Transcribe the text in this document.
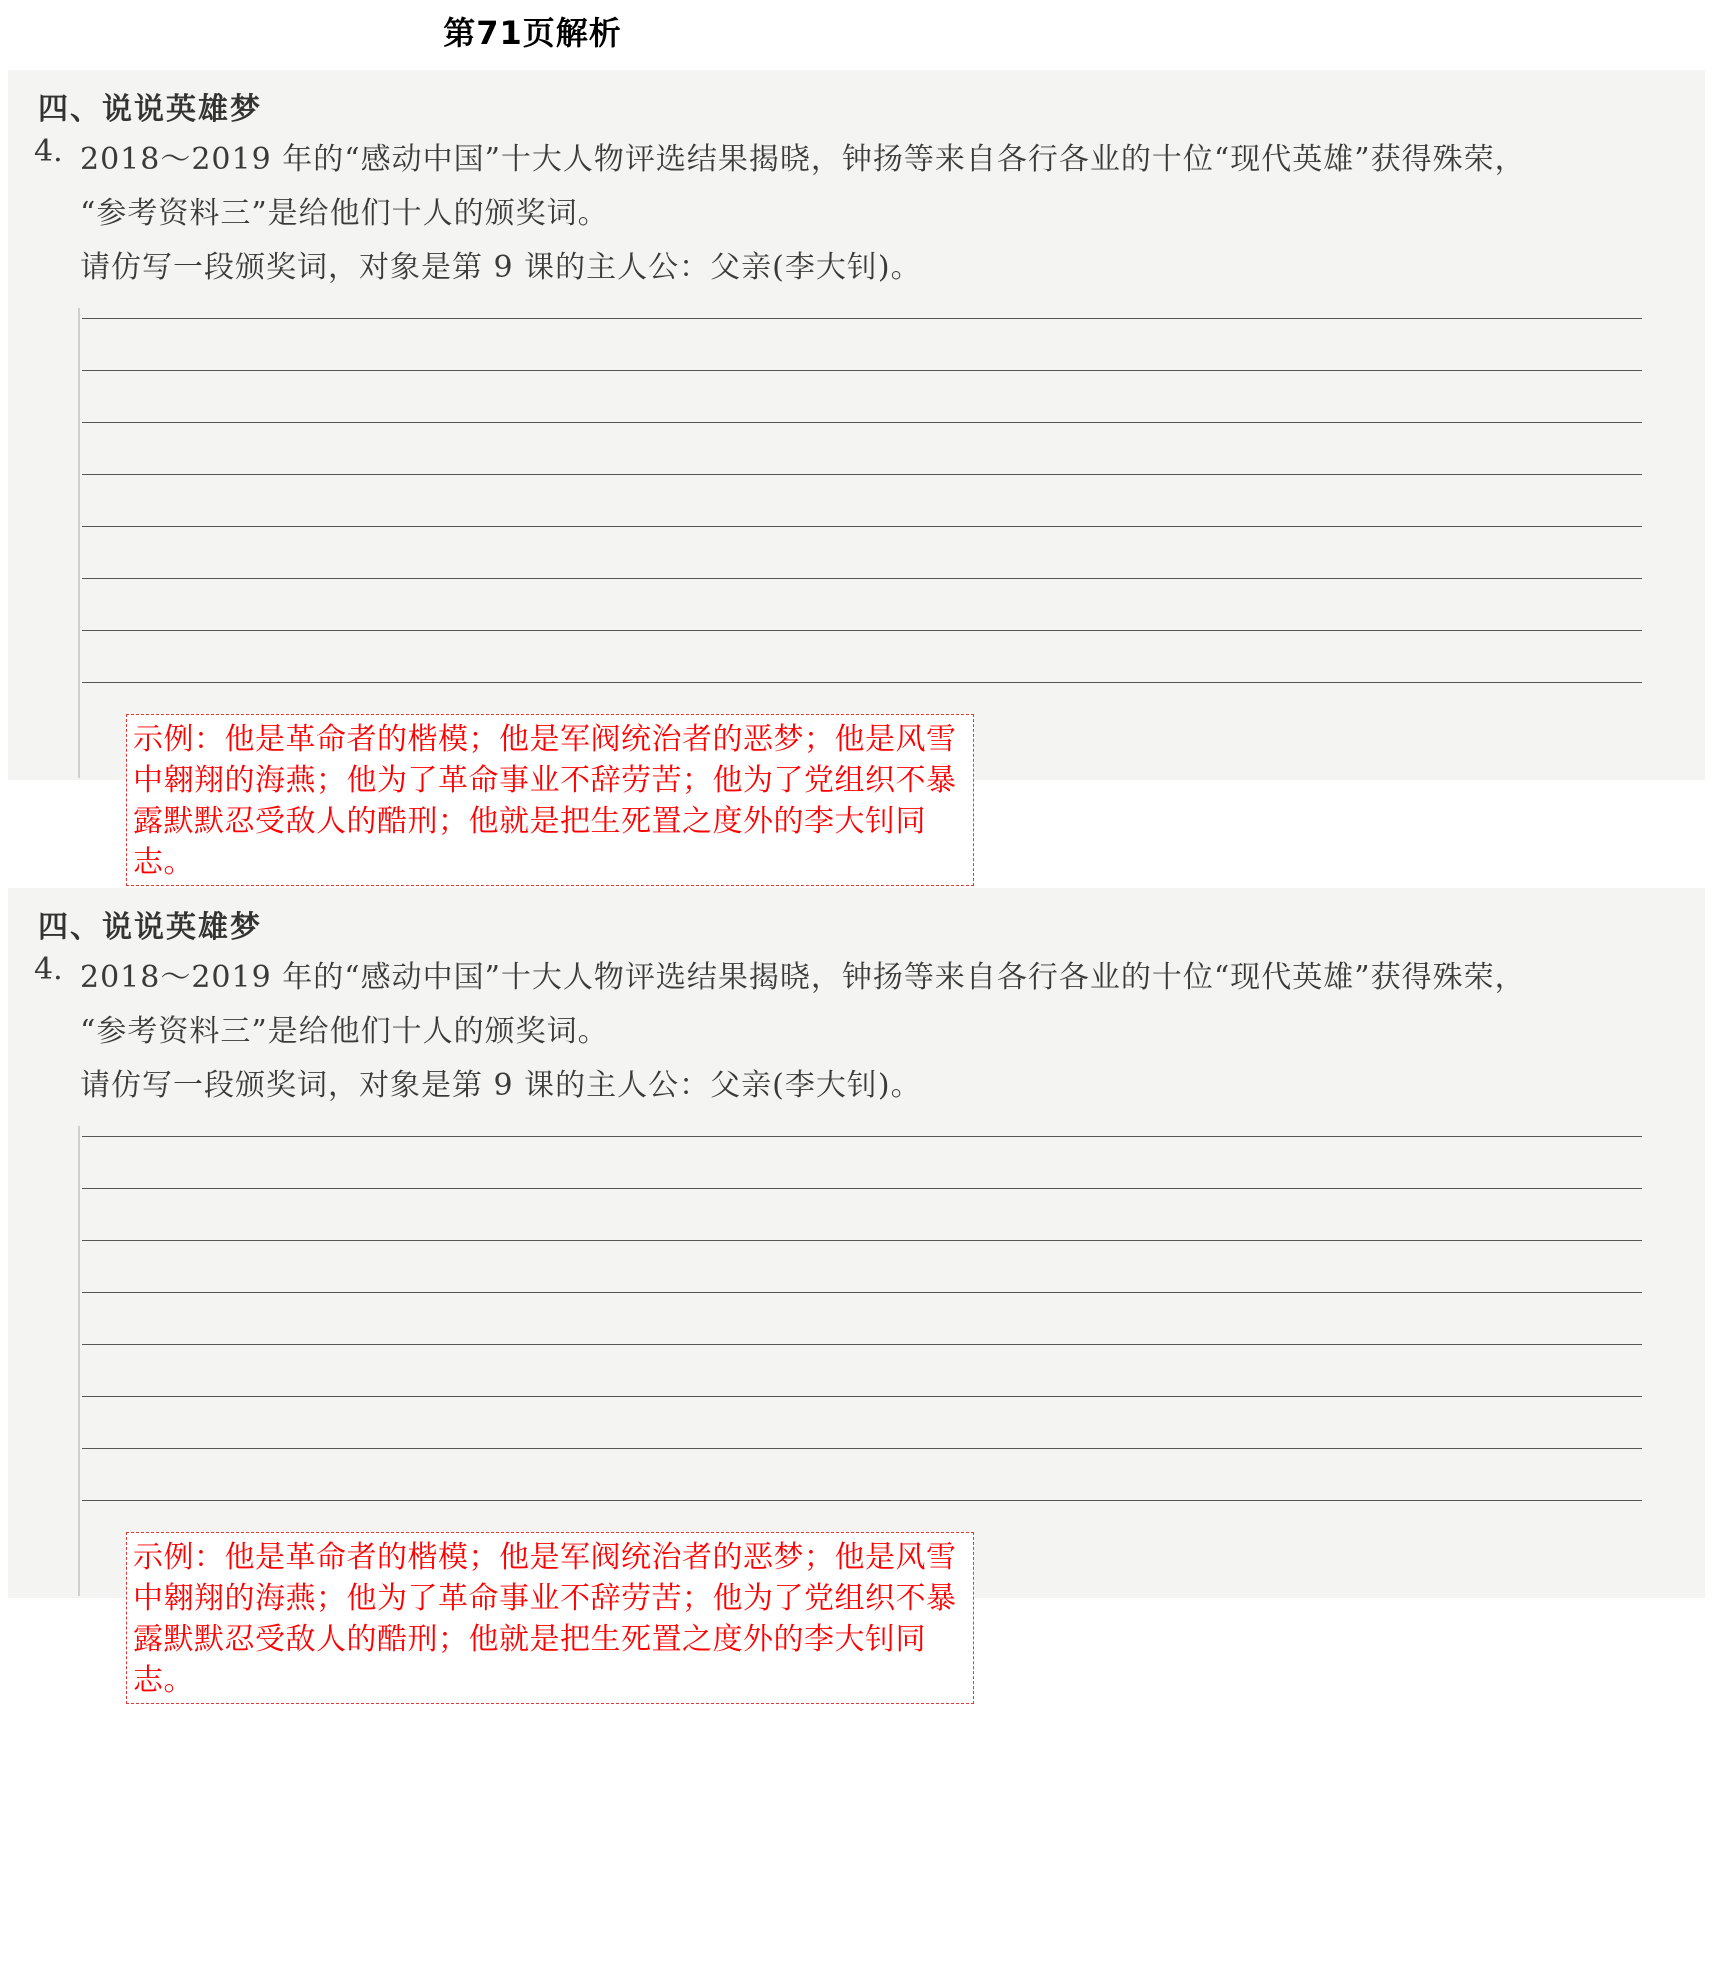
第71页解析
四、说说英雄梦
4. 2018～2019 年的“感动中国”十大人物评选结果揭晓，钟扬等来自各行各业的十位“现代英雄”获得殊荣，
“参考资料三”是给他们十人的颁奖词。
请仿写一段颁奖词，对象是第 9 课的主人公：父亲(李大钊)。
示例：他是革命者的楷模；他是军阀统治者的恶梦；他是风雪中翱翔的海燕；他为了革命事业不辞劳苦；他为了党组织不暴露默默忍受敌人的酷刑；他就是把生死置之度外的李大钊同志。
四、说说英雄梦
4. 2018～2019 年的“感动中国”十大人物评选结果揭晓，钟扬等来自各行各业的十位“现代英雄”获得殊荣，
“参考资料三”是给他们十人的颁奖词。
请仿写一段颁奖词，对象是第 9 课的主人公：父亲(李大钊)。
示例：他是革命者的楷模；他是军阀统治者的恶梦；他是风雪中翱翔的海燕；他为了革命事业不辞劳苦；他为了党组织不暴露默默忍受敌人的酷刑；他就是把生死置之度外的李大钊同志。
